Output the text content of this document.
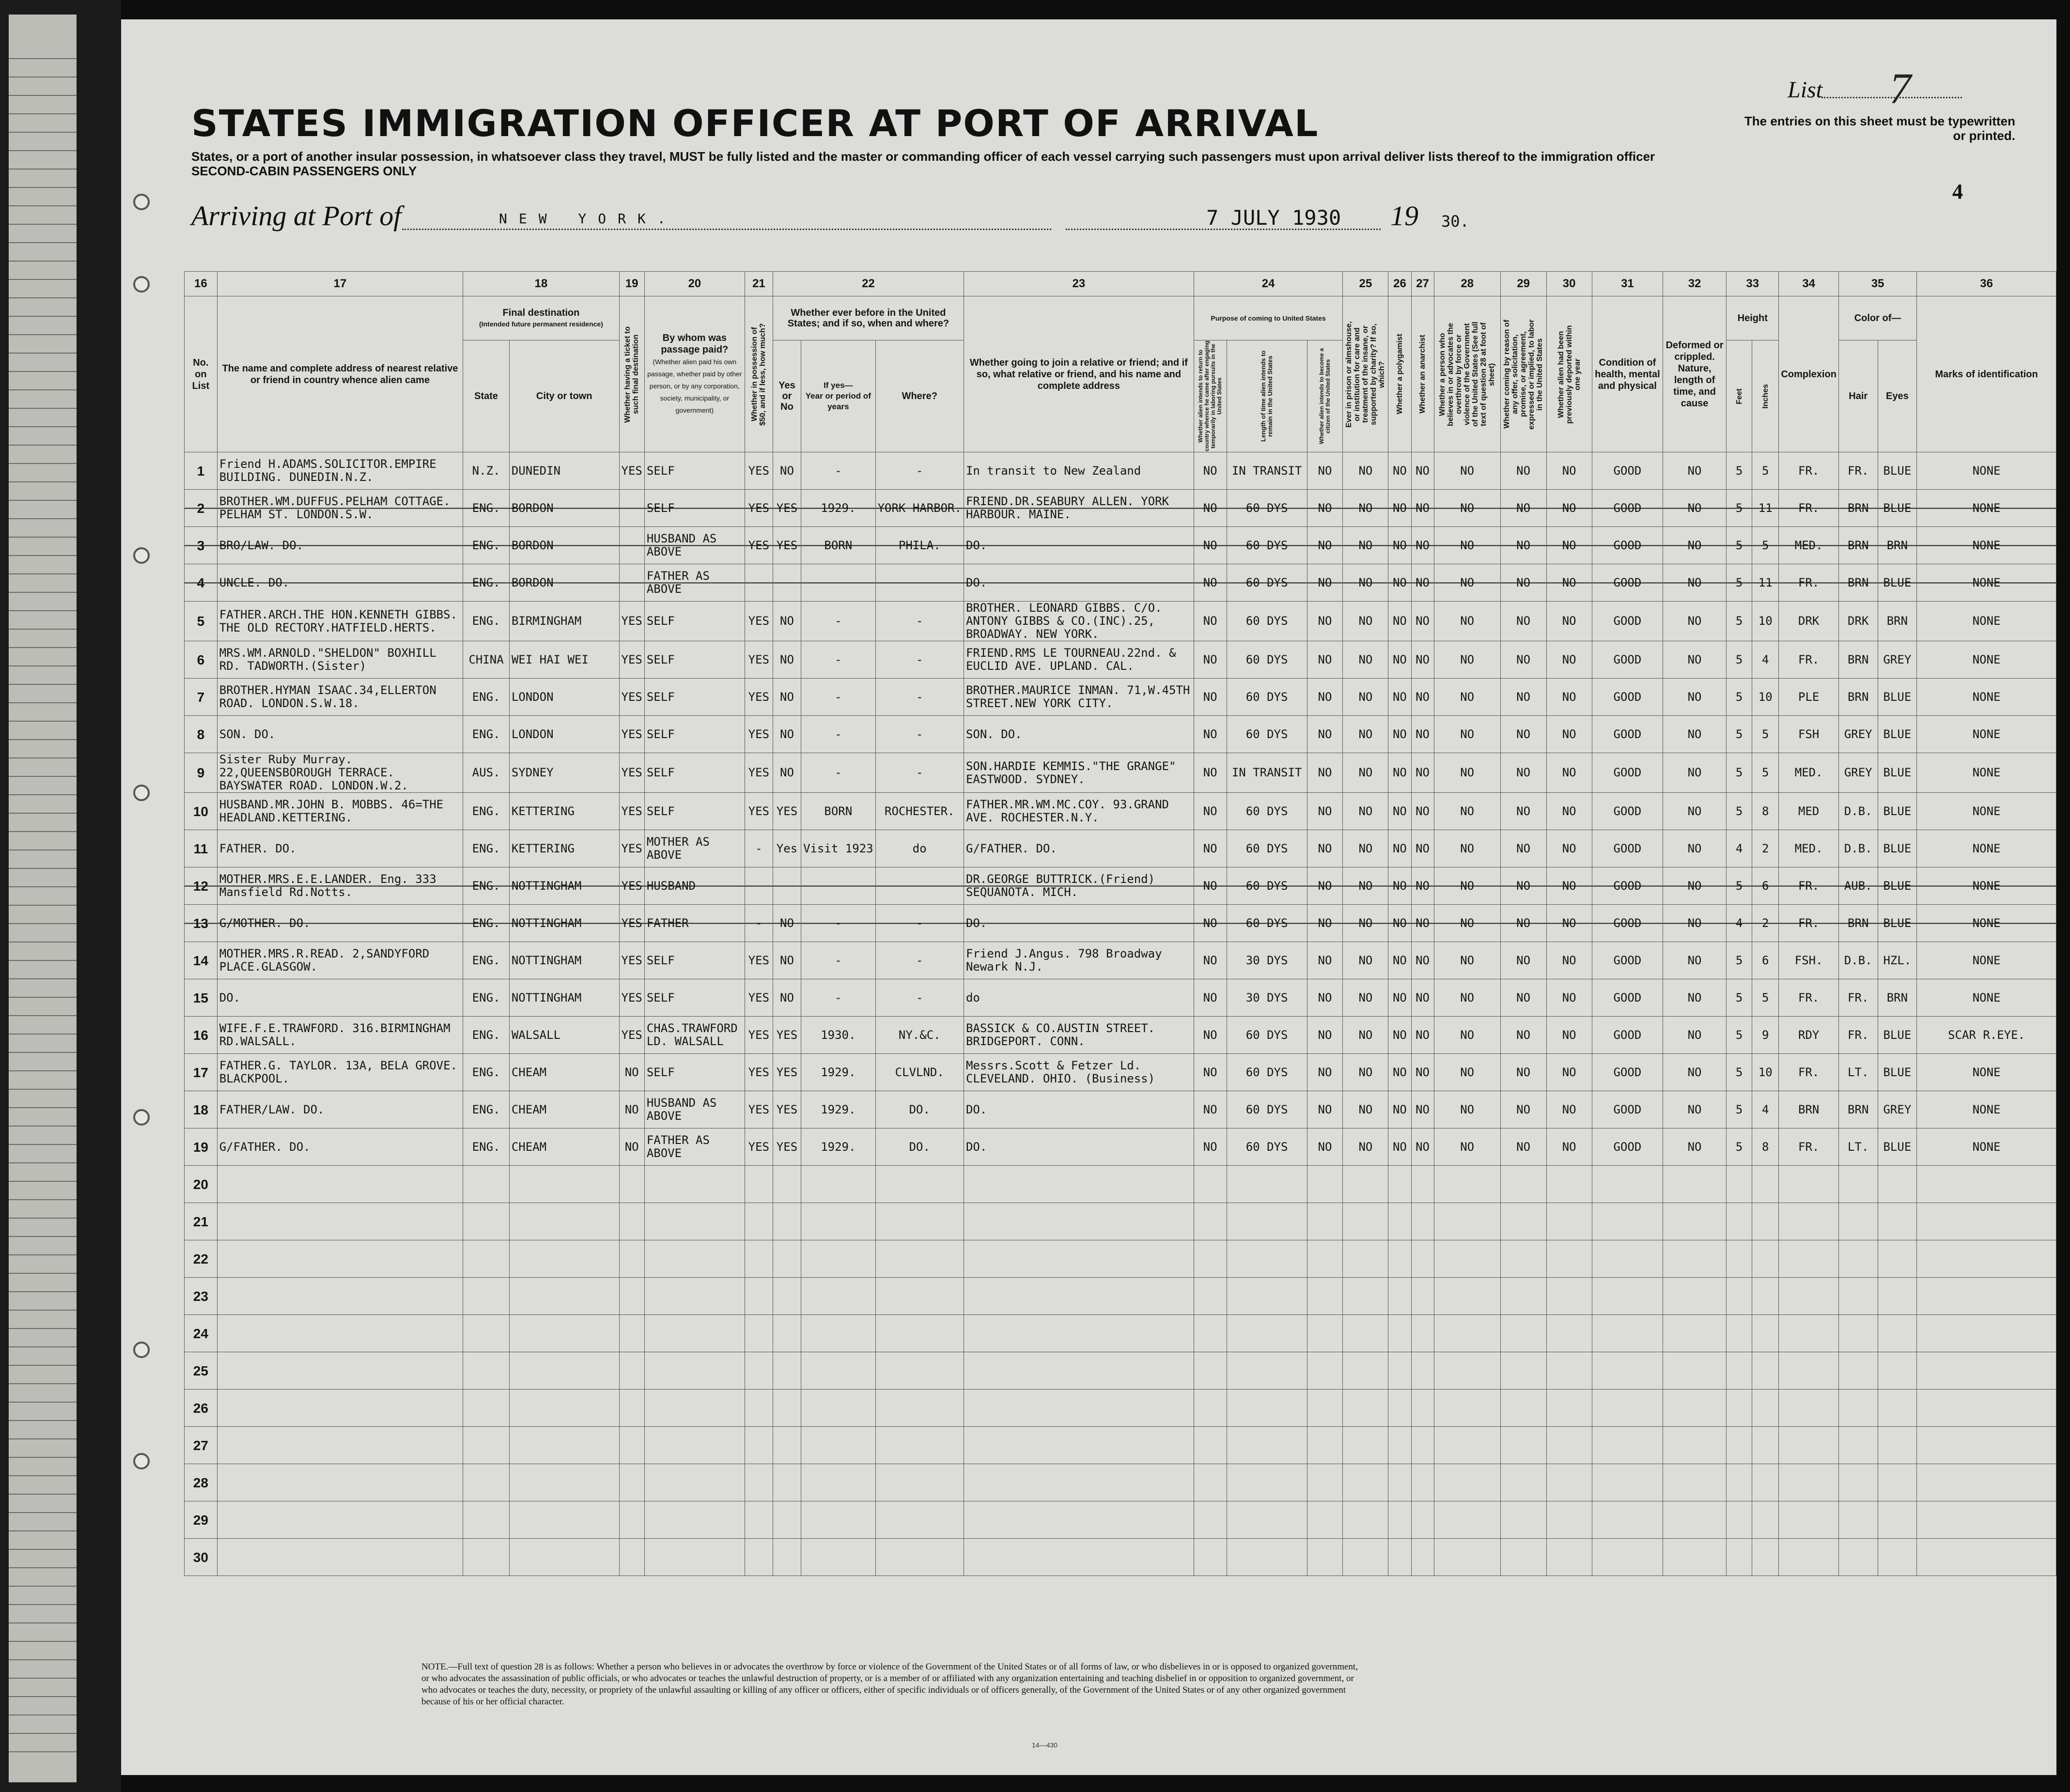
STATES IMMIGRATION OFFICER AT PORT OF ARRIVAL
States, or a port of another insular possession, in whatsoever class they travel, MUST be fully listed and the master or commanding officer of each vessel carrying such passengers must upon arrival deliver lists thereof to the immigration officer
SECOND-CABIN PASSENGERS ONLY
List 7
The entries on this sheet must be typewritten or printed.
4
Arriving at Port of	NEW YORK.	7 JULY 1930 19 30.
16	17	18		19	20	21	22			23	24			25	26	27	28	29	30	31	32	33		34	35		36
No. on List	The name and complete address of nearest relative or friend in country whence alien came	Final destination
(Intended future permanent residence)		Whether having a ticket to such final destination	By whom was passage paid?
(Whether alien paid his own passage, whether paid by other person, or by any corporation, society, municipality, or government)	Whether in possession of $50, and if less, how much?	Whether ever before in the United States; and if so, when and where?			Whether going to join a relative or friend; and if so, what relative or friend, and his name and complete address	Purpose of coming to United States			Ever in prison or almshouse, or institution for care and treatment of the insane, or supported by charity? If so, which?	Whether a polygamist	Whether an anarchist	Whether a person who believes in or advocates the overthrow by force or violence of the Government of the United States (See full text of question 28 at foot of sheet)	Whether coming by reason of any offer, solicitation, promise, or agreement, expressed or implied, to labor in the United States	Whether alien had been previously deported within one year	Condition of health, mental and physical	Deformed or crippled. Nature, length of time, and cause	Height		Complexion	Color of—		Marks of identification
		State	City or town				Yes or No	If yes—
Year or period of years	Where?		Whether alien intends to return to country whence he came after engaging temporarily in laboring pursuits in the United States	Length of time alien intends to remain in the United States	Whether alien intends to become a citizen of the United States									Feet	Inches		Hair	Eyes	
1	Friend H.ADAMS.SOLICITOR.EMPIRE BUILDING. DUNEDIN.N.Z.	N.Z.	DUNEDIN	YES	SELF	YES	NO	-	-	In transit to New Zealand	NO	IN TRANSIT	NO	NO	NO	NO	NO	NO	NO	GOOD	NO	5	5	FR.	FR.	BLUE	NONE
2	BROTHER.WM.DUFFUS.PELHAM COTTAGE. PELHAM ST. LONDON.S.W.	ENG.	BORDON		SELF	YES	YES	1929.	YORK HARBOR.	FRIEND.DR.SEABURY ALLEN. YORK HARBOUR. MAINE.	NO	60 DYS	NO	NO	NO	NO	NO	NO	NO	GOOD	NO	5	11	FR.	BRN	BLUE	NONE
3	BRO/LAW. DO.	ENG.	BORDON		HUSBAND AS ABOVE	YES	YES	BORN	PHILA.	DO.	NO	60 DYS	NO	NO	NO	NO	NO	NO	NO	GOOD	NO	5	5	MED.	BRN	BRN	NONE
4	UNCLE. DO.	ENG.	BORDON		FATHER AS ABOVE					DO.	NO	60 DYS	NO	NO	NO	NO	NO	NO	NO	GOOD	NO	5	11	FR.	BRN	BLUE	NONE
5	FATHER.ARCH.THE HON.KENNETH GIBBS. THE OLD RECTORY.HATFIELD.HERTS.	ENG.	BIRMINGHAM	YES	SELF	YES	NO	-	-	BROTHER. LEONARD GIBBS. C/O. ANTONY GIBBS & CO.(INC).25, BROADWAY. NEW YORK.	NO	60 DYS	NO	NO	NO	NO	NO	NO	NO	GOOD	NO	5	10	DRK	DRK	BRN	NONE
6	MRS.WM.ARNOLD."SHELDON" BOXHILL RD. TADWORTH.(Sister)	CHINA	WEI HAI WEI	YES	SELF	YES	NO	-	-	FRIEND.RMS LE TOURNEAU.22nd. & EUCLID AVE. UPLAND. CAL.	NO	60 DYS	NO	NO	NO	NO	NO	NO	NO	GOOD	NO	5	4	FR.	BRN	GREY	NONE
7	BROTHER.HYMAN ISAAC.34,ELLERTON ROAD. LONDON.S.W.18.	ENG.	LONDON	YES	SELF	YES	NO	-	-	BROTHER.MAURICE INMAN. 71,W.45TH STREET.NEW YORK CITY.	NO	60 DYS	NO	NO	NO	NO	NO	NO	NO	GOOD	NO	5	10	PLE	BRN	BLUE	NONE
8	SON. DO.	ENG.	LONDON	YES	SELF	YES	NO	-	-	SON. DO.	NO	60 DYS	NO	NO	NO	NO	NO	NO	NO	GOOD	NO	5	5	FSH	GREY	BLUE	NONE
9	Sister Ruby Murray. 22,QUEENSBOROUGH TERRACE. BAYSWATER ROAD. LONDON.W.2.	AUS.	SYDNEY	YES	SELF	YES	NO	-	-	SON.HARDIE KEMMIS."THE GRANGE" EASTWOOD. SYDNEY.	NO	IN TRANSIT	NO	NO	NO	NO	NO	NO	NO	GOOD	NO	5	5	MED.	GREY	BLUE	NONE
10	HUSBAND.MR.JOHN B. MOBBS. 46=THE HEADLAND.KETTERING.	ENG.	KETTERING	YES	SELF	YES	YES	BORN	ROCHESTER.	FATHER.MR.WM.MC.COY. 93.GRAND AVE. ROCHESTER.N.Y.	NO	60 DYS	NO	NO	NO	NO	NO	NO	NO	GOOD	NO	5	8	MED	D.B.	BLUE	NONE
11	FATHER. DO.	ENG.	KETTERING	YES	MOTHER AS ABOVE	-	Yes	Visit 1923	do	G/FATHER. DO.	NO	60 DYS	NO	NO	NO	NO	NO	NO	NO	GOOD	NO	4	2	MED.	D.B.	BLUE	NONE
12	MOTHER.MRS.E.E.LANDER. Eng. 333 Mansfield Rd.Notts.	ENG.	NOTTINGHAM	YES	HUSBAND					DR.GEORGE BUTTRICK.(Friend) SEQUANOTA. MICH.	NO	60 DYS	NO	NO	NO	NO	NO	NO	NO	GOOD	NO	5	6	FR.	AUB.	BLUE	NONE
13	G/MOTHER. DO.	ENG.	NOTTINGHAM	YES	FATHER	-	NO	-	-	DO.	NO	60 DYS	NO	NO	NO	NO	NO	NO	NO	GOOD	NO	4	2	FR.	BRN	BLUE	NONE
14	MOTHER.MRS.R.READ. 2,SANDYFORD PLACE.GLASGOW.	ENG.	NOTTINGHAM	YES	SELF	YES	NO	-	-	Friend J.Angus. 798 Broadway Newark N.J.	NO	30 DYS	NO	NO	NO	NO	NO	NO	NO	GOOD	NO	5	6	FSH.	D.B.	HZL.	NONE
15	DO.	ENG.	NOTTINGHAM	YES	SELF	YES	NO	-	-	do	NO	30 DYS	NO	NO	NO	NO	NO	NO	NO	GOOD	NO	5	5	FR.	FR.	BRN	NONE
16	WIFE.F.E.TRAWFORD. 316.BIRMINGHAM RD.WALSALL.	ENG.	WALSALL	YES	CHAS.TRAWFORD LD. WALSALL	YES	YES	1930.	NY.&C.	BASSICK & CO.AUSTIN STREET. BRIDGEPORT. CONN.	NO	60 DYS	NO	NO	NO	NO	NO	NO	NO	GOOD	NO	5	9	RDY	FR.	BLUE	SCAR R.EYE.
17	FATHER.G. TAYLOR. 13A, BELA GROVE. BLACKPOOL.	ENG.	CHEAM	NO	SELF	YES	YES	1929.	CLVLND.	Messrs.Scott & Fetzer Ld. CLEVELAND. OHIO. (Business)	NO	60 DYS	NO	NO	NO	NO	NO	NO	NO	GOOD	NO	5	10	FR.	LT.	BLUE	NONE
18	FATHER/LAW. DO.	ENG.	CHEAM	NO	HUSBAND AS ABOVE	YES	YES	1929.	DO.	DO.	NO	60 DYS	NO	NO	NO	NO	NO	NO	NO	GOOD	NO	5	4	BRN	BRN	GREY	NONE
19	G/FATHER. DO.	ENG.	CHEAM	NO	FATHER AS ABOVE	YES	YES	1929.	DO.	DO.	NO	60 DYS	NO	NO	NO	NO	NO	NO	NO	GOOD	NO	5	8	FR.	LT.	BLUE	NONE
20																											
21																											
22																											
23																											
24																											
25																											
26																											
27																											
28																											
29																											
30																											
NOTE.—Full text of question 28 is as follows: Whether a person who believes in or advocates the overthrow by force or violence of the Government of the United States or of all forms of law, or who disbelieves in or is opposed to organized government, or who advocates the assassination of public officials, or who advocates or teaches the unlawful destruction of property, or is a member of or affiliated with any organization entertaining and teaching disbelief in or opposition to organized government, or who advocates or teaches the duty, necessity, or propriety of the unlawful assaulting or killing of any officer or officers, either of specific individuals or of officers generally, of the Government of the United States or of any other organized government because of his or her official character.
14—430
